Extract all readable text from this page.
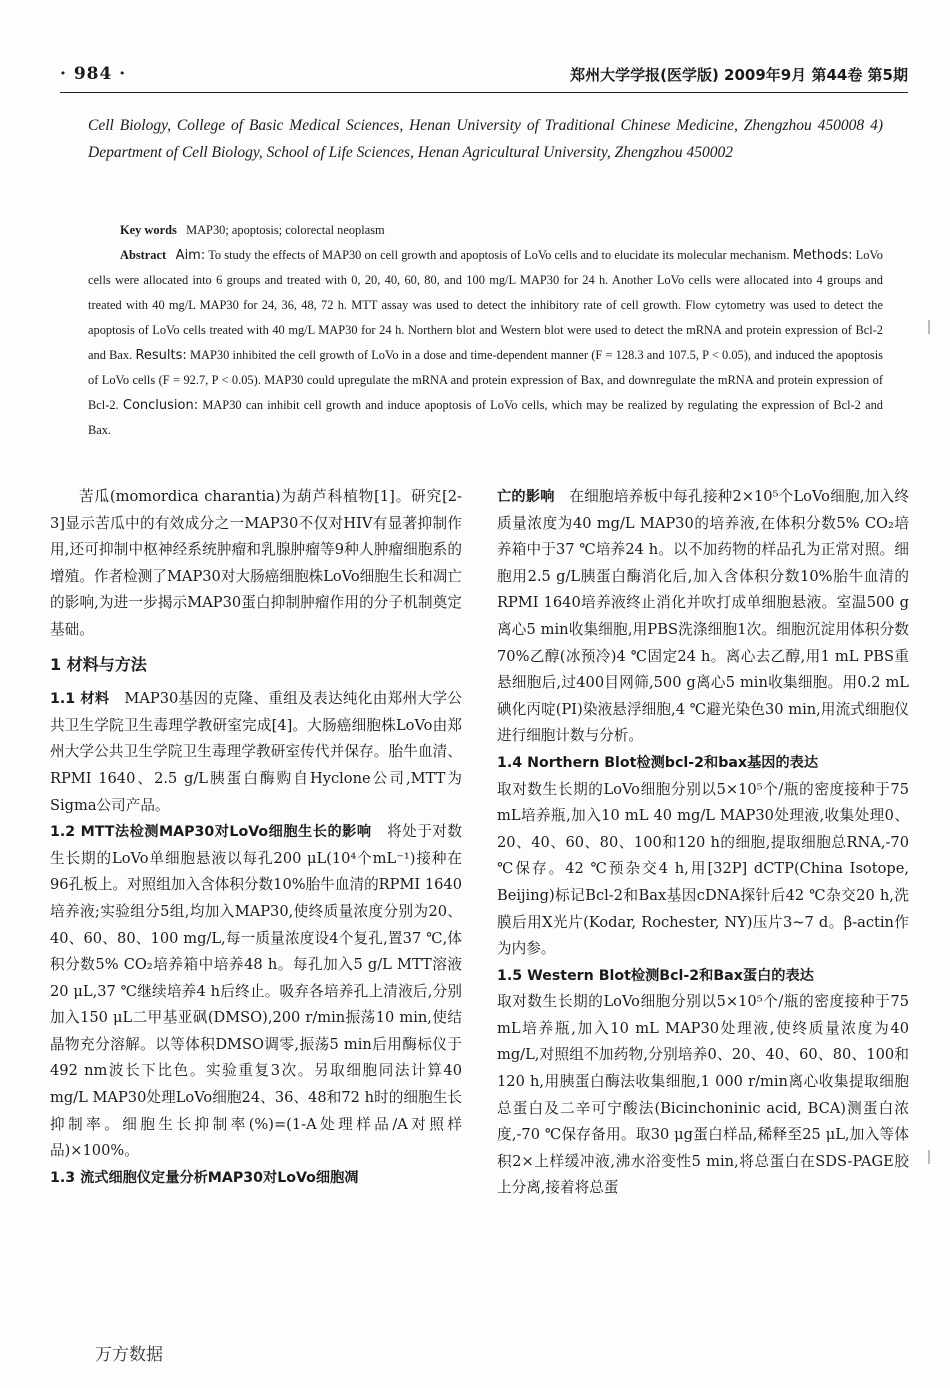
· 984 ·	郑州大学学报(医学版) 2009年9月 第44卷 第5期
Cell Biology, College of Basic Medical Sciences, Henan University of Traditional Chinese Medicine, Zhengzhou 450008 4) Department of Cell Biology, School of Life Sciences, Henan Agricultural University, Zhengzhou 450002
Key words MAP30; apoptosis; colorectal neoplasm
Abstract Aim: To study the effects of MAP30 on cell growth and apoptosis of LoVo cells and to elucidate its molecular mechanism. Methods: LoVo cells were allocated into 6 groups and treated with 0, 20, 40, 60, 80, and 100 mg/L MAP30 for 24 h. Another LoVo cells were allocated into 4 groups and treated with 40 mg/L MAP30 for 24, 36, 48, 72 h. MTT assay was used to detect the inhibitory rate of cell growth. Flow cytometry was used to detect the apoptosis of LoVo cells treated with 40 mg/L MAP30 for 24 h. Northern blot and Western blot were used to detect the mRNA and protein expression of Bcl-2 and Bax. Results: MAP30 inhibited the cell growth of LoVo in a dose and time-dependent manner (F = 128.3 and 107.5, P < 0.05), and induced the apoptosis of LoVo cells (F = 92.7, P < 0.05). MAP30 could upregulate the mRNA and protein expression of Bax, and downregulate the mRNA and protein expression of Bcl-2. Conclusion: MAP30 can inhibit cell growth and induce apoptosis of LoVo cells, which may be realized by regulating the expression of Bcl-2 and Bax.

苦瓜(momordica charantia)为葫芦科植物[1]。研究[2-3]显示苦瓜中的有效成分之一MAP30不仅对HIV有显著抑制作用,还可抑制中枢神经系统肿瘤和乳腺肿瘤等9种人肿瘤细胞系的增殖。作者检测了MAP30对大肠癌细胞株LoVo细胞生长和凋亡的影响,为进一步揭示MAP30蛋白抑制肿瘤作用的分子机制奠定基础。

1 材料与方法

1.1 材料 MAP30基因的克隆、重组及表达纯化由郑州大学公共卫生学院卫生毒理学教研室完成[4]。大肠癌细胞株LoVo由郑州大学公共卫生学院卫生毒理学教研室传代并保存。胎牛血清、RPMI 1640、2.5 g/L胰蛋白酶购自Hyclone公司,MTT为Sigma公司产品。

1.2 MTT法检测MAP30对LoVo细胞生长的影响 将处于对数生长期的LoVo单细胞悬液以每孔200 μL(10⁴个mL⁻¹)接种在96孔板上。对照组加入含体积分数10%胎牛血清的RPMI 1640培养液;实验组分5组,均加入MAP30,使终质量浓度分别为20、40、60、80、100 mg/L,每一质量浓度设4个复孔,置37 ℃,体积分数5% CO₂培养箱中培养48 h。每孔加入5 g/L MTT溶液20 μL,37 ℃继续培养4 h后终止。吸弃各培养孔上清液后,分别加入150 μL二甲基亚砜(DMSO),200 r/min振荡10 min,使结晶物充分溶解。以等体积DMSO调零,振荡5 min后用酶标仪于492 nm波长下比色。实验重复3次。另取细胞同法计算40 mg/L MAP30处理LoVo细胞24、36、48和72 h时的细胞生长抑制率。细胞生长抑制率(%)=(1-A处理样品/A对照样品)×100%。

1.3 流式细胞仪定量分析MAP30对LoVo细胞凋

亡的影响 在细胞培养板中每孔接种2×10⁵个LoVo细胞,加入终质量浓度为40 mg/L MAP30的培养液,在体积分数5% CO₂培养箱中于37 ℃培养24 h。以不加药物的样品孔为正常对照。细胞用2.5 g/L胰蛋白酶消化后,加入含体积分数10%胎牛血清的RPMI 1640培养液终止消化并吹打成单细胞悬液。室温500 g离心5 min收集细胞,用PBS洗涤细胞1次。细胞沉淀用体积分数70%乙醇(冰预冷)4 ℃固定24 h。离心去乙醇,用1 mL PBS重悬细胞后,过400目网筛,500 g离心5 min收集细胞。用0.2 mL碘化丙啶(PI)染液悬浮细胞,4 ℃避光染色30 min,用流式细胞仪进行细胞计数与分析。

1.4 Northern Blot检测bcl-2和bax基因的表达
取对数生长期的LoVo细胞分别以5×10⁵个/瓶的密度接种于75 mL培养瓶,加入10 mL 40 mg/L MAP30处理液,收集处理0、20、40、60、80、100和120 h的细胞,提取细胞总RNA,-70 ℃保存。42 ℃预杂交4 h,用[32P] dCTP(China Isotope, Beijing)标记Bcl-2和Bax基因cDNA探针后42 ℃杂交20 h,洗膜后用X光片(Kodar, Rochester, NY)压片3~7 d。β-actin作为内参。

1.5 Western Blot检测Bcl-2和Bax蛋白的表达
取对数生长期的LoVo细胞分别以5×10⁵个/瓶的密度接种于75 mL培养瓶,加入10 mL MAP30处理液,使终质量浓度为40 mg/L,对照组不加药物,分别培养0、20、40、60、80、100和120 h,用胰蛋白酶法收集细胞,1 000 r/min离心收集提取细胞总蛋白及二辛可宁酸法(Bicinchoninic acid, BCA)测蛋白浓度,-70 ℃保存备用。取30 μg蛋白样品,稀释至25 μL,加入等体积2×上样缓冲液,沸水浴变性5 min,将总蛋白在SDS-PAGE胶上分离,接着将总蛋

万方数据
